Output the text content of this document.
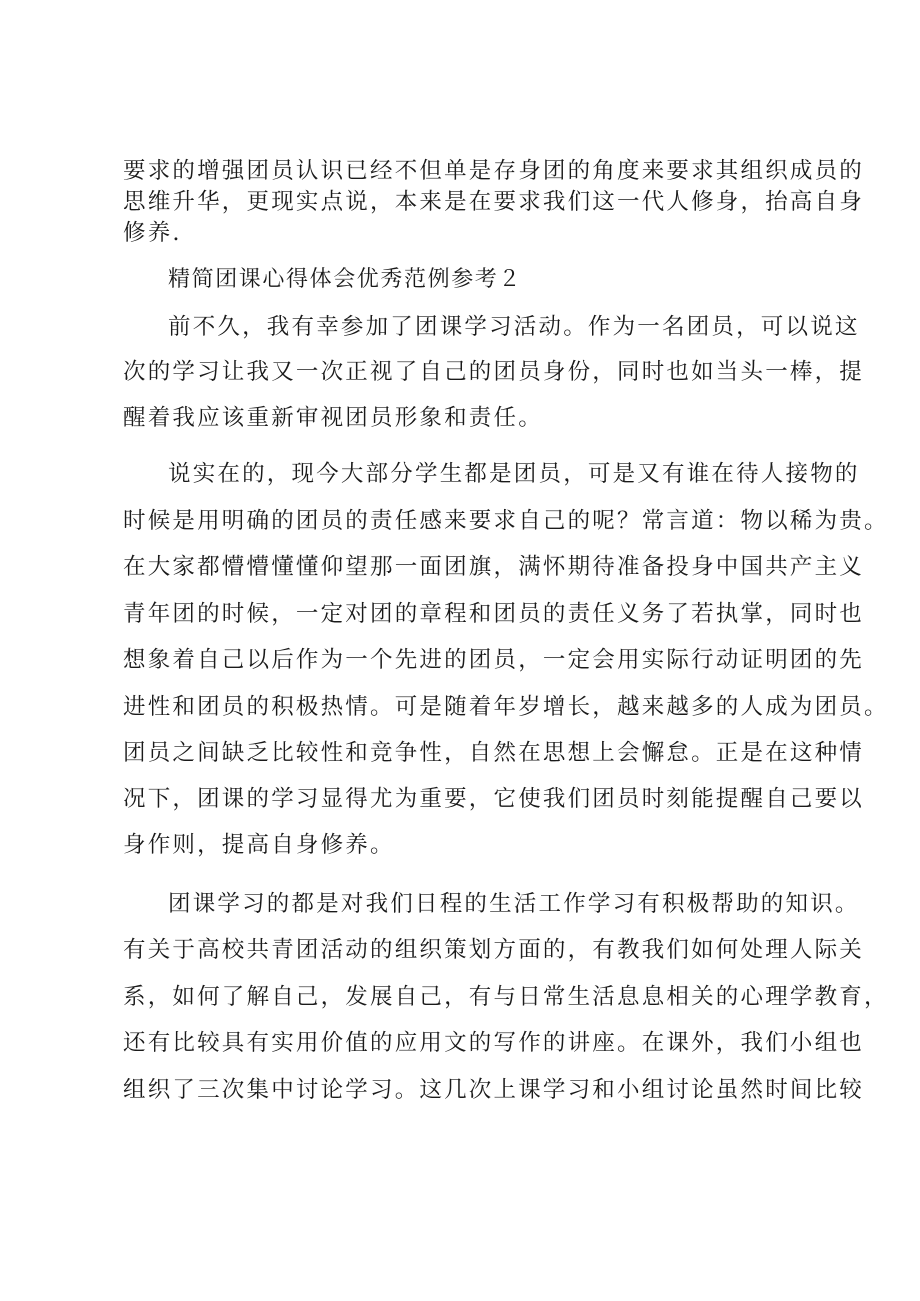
要求的增强团员认识已经不但单是存身团的角度来要求其组织成员的
思维升华，更现实点说，本来是在要求我们这一代人修身，抬高自身
修养.
精简团课心得体会优秀范例参考２
前不久，我有幸参加了团课学习活动。作为一名团员，可以说这
次的学习让我又一次正视了自己的团员身份，同时也如当头一棒，提
醒着我应该重新审视团员形象和责任。
说实在的，现今大部分学生都是团员，可是又有谁在待人接物的
时候是用明确的团员的责任感来要求自己的呢？常言道：物以稀为贵。
在大家都懵懵懂懂仰望那一面团旗，满怀期待准备投身中国共产主义
青年团的时候，一定对团的章程和团员的责任义务了若执掌，同时也
想象着自己以后作为一个先进的团员，一定会用实际行动证明团的先
进性和团员的积极热情。可是随着年岁增长，越来越多的人成为团员。
团员之间缺乏比较性和竞争性，自然在思想上会懈怠。正是在这种情
况下，团课的学习显得尤为重要，它使我们团员时刻能提醒自己要以
身作则，提高自身修养。
团课学习的都是对我们日程的生活工作学习有积极帮助的知识。
有关于高校共青团活动的组织策划方面的，有教我们如何处理人际关
系，如何了解自己，发展自己，有与日常生活息息相关的心理学教育，
还有比较具有实用价值的应用文的写作的讲座。在课外，我们小组也
组织了三次集中讨论学习。这几次上课学习和小组讨论虽然时间比较
